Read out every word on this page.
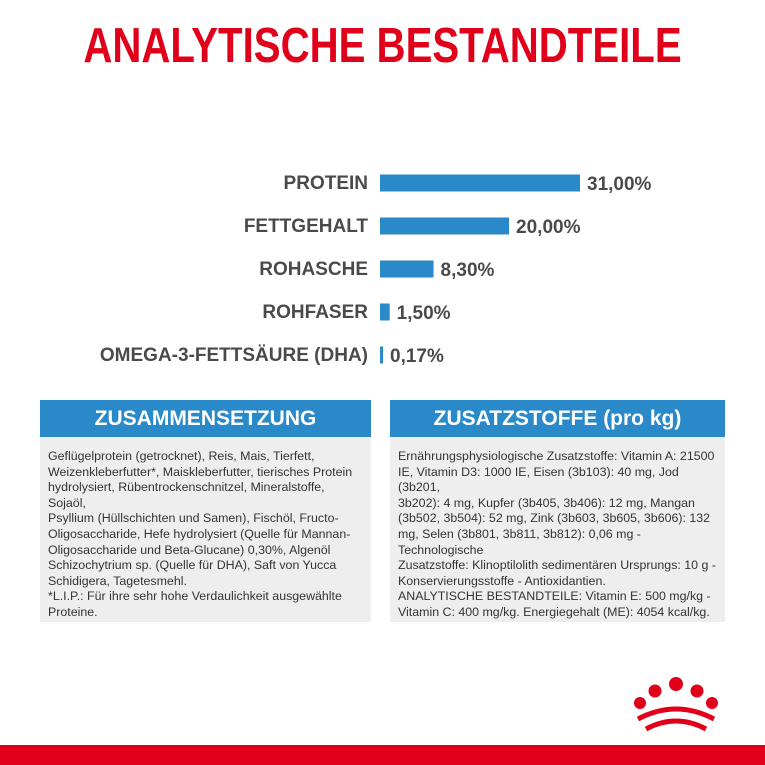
ANALYTISCHE BESTANDTEILE
PROTEIN	31,00%
FETTGEHALT	20,00%
ROHASCHE	8,30%
ROHFASER 1,50%
OMEGA-3-FETTSÄURE (DHA) 0,17%
ZUSAMMENSETZUNG
Geflügelprotein (getrocknet), Reis, Mais, Tierfett,
Weizenkleberfutter*, Maiskleberfutter, tierisches Protein
hydrolysiert, Rübentrockenschnitzel, Mineralstoffe, Sojaöl,
Psyllium (Hüllschichten und Samen), Fischöl, Fructo-
Oligosaccharide, Hefe hydrolysiert (Quelle für Mannan-
Oligosaccharide und Beta-Glucane) 0,30%, Algenöl
Schizochytrium sp. (Quelle für DHA), Saft von Yucca
Schidigera, Tagetesmehl.
*L.I.P.: Für ihre sehr hohe Verdaulichkeit ausgewählte
Proteine.
ZUSATZSTOFFE (pro kg)
Ernährungsphysiologische Zusatzstoffe: Vitamin A: 21500
IE, Vitamin D3: 1000 IE, Eisen (3b103): 40 mg, Jod (3b201,
3b202): 4 mg, Kupfer (3b405, 3b406): 12 mg, Mangan
(3b502, 3b504): 52 mg, Zink (3b603, 3b605, 3b606): 132
mg, Selen (3b801, 3b811, 3b812): 0,06 mg - Technologische
Zusatzstoffe: Klinoptilolith sedimentären Ursprungs: 10 g -
Konservierungsstoffe - Antioxidantien.
ANALYTISCHE BESTANDTEILE: Vitamin E: 500 mg/kg -
Vitamin C: 400 mg/kg. Energiegehalt (ME): 4054 kcal/kg.
